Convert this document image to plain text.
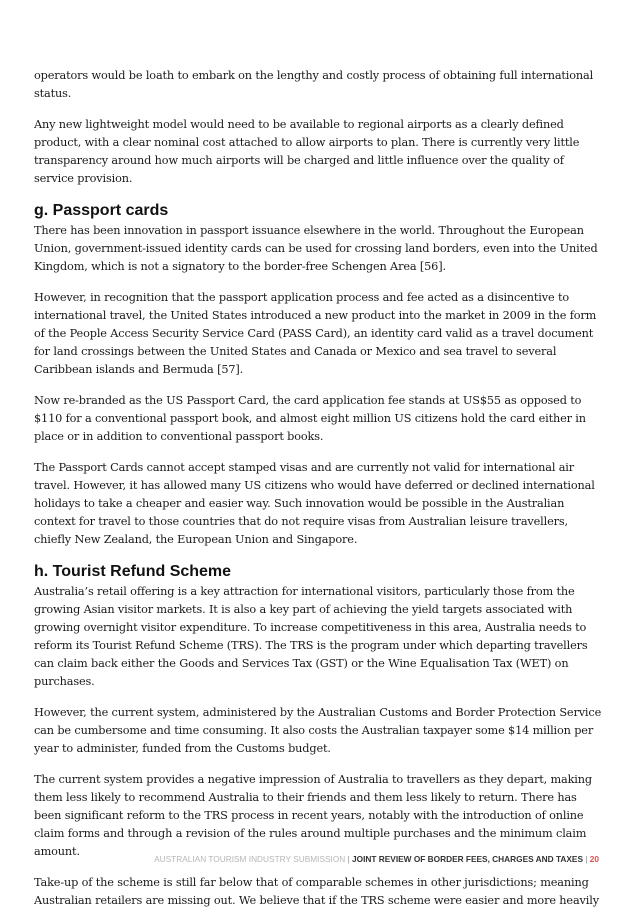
operators would be loath to embark on the lengthy and costly process of obtaining full international status.

Any new lightweight model would need to be available to regional airports as a clearly defined product, with a clear nominal cost attached to allow airports to plan. There is currently very little transparency around how much airports will be charged and little influence over the quality of service provision.

g. Passport cards

There has been innovation in passport issuance elsewhere in the world. Throughout the European Union, government-issued identity cards can be used for crossing land borders, even into the United Kingdom, which is not a signatory to the border-free Schengen Area [56].

However, in recognition that the passport application process and fee acted as a disincentive to international travel, the United States introduced a new product into the market in 2009 in the form of the People Access Security Service Card (PASS Card), an identity card valid as a travel document for land crossings between the United States and Canada or Mexico and sea travel to several Caribbean islands and Bermuda [57].

Now re-branded as the US Passport Card, the card application fee stands at US$55 as opposed to $110 for a conventional passport book, and almost eight million US citizens hold the card either in place or in addition to conventional passport books.

The Passport Cards cannot accept stamped visas and are currently not valid for international air travel. However, it has allowed many US citizens who would have deferred or declined international holidays to take a cheaper and easier way. Such innovation would be possible in the Australian context for travel to those countries that do not require visas from Australian leisure travellers, chiefly New Zealand, the European Union and Singapore.

h. Tourist Refund Scheme

Australia’s retail offering is a key attraction for international visitors, particularly those from the growing Asian visitor markets. It is also a key part of achieving the yield targets associated with growing overnight visitor expenditure. To increase competitiveness in this area, Australia needs to reform its Tourist Refund Scheme (TRS). The TRS is the program under which departing travellers can claim back either the Goods and Services Tax (GST) or the Wine Equalisation Tax (WET) on purchases.

However, the current system, administered by the Australian Customs and Border Protection Service can be cumbersome and time consuming. It also costs the Australian taxpayer some $14 million per year to administer, funded from the Customs budget.

The current system provides a negative impression of Australia to travellers as they depart, making them less likely to recommend Australia to their friends and them less likely to return. There has been significant reform to the TRS process in recent years, notably with the introduction of online claim forms and through a revision of the rules around multiple purchases and the minimum claim amount.

Take-up of the scheme is still far below that of comparable schemes in other jurisdictions; meaning Australian retailers are missing out. We believe that if the TRS scheme were easier and more heavily

AUSTRALIAN TOURISM INDUSTRY SUBMISSION | JOINT REVIEW OF BORDER FEES, CHARGES AND TAXES | 20
